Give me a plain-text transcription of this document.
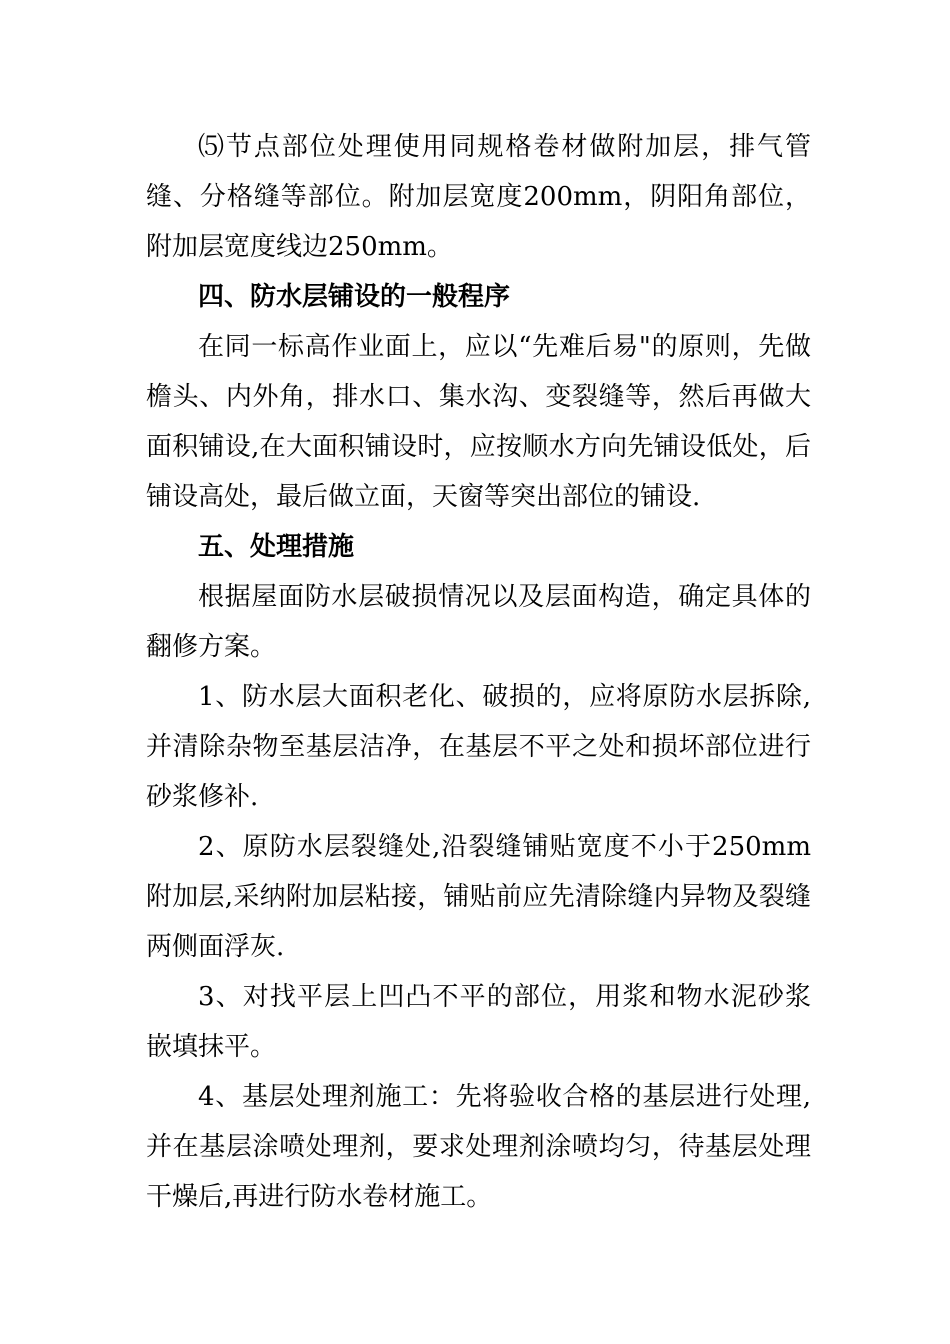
⑸节点部位处理使用同规格卷材做附加层，排气管缝、分格缝等部位。附加层宽度200mm，阴阳角部位，附加层宽度线边250mm。

四、防水层铺设的一般程序

在同一标高作业面上，应以“先难后易"的原则，先做檐头、内外角，排水口、集水沟、变裂缝等，然后再做大面积铺设,在大面积铺设时，应按顺水方向先铺设低处，后铺设高处，最后做立面，天窗等突出部位的铺设.

五、处理措施

根据屋面防水层破损情况以及层面构造，确定具体的翻修方案。

1、防水层大面积老化、破损的，应将原防水层拆除,并清除杂物至基层洁净，在基层不平之处和损坏部位进行砂浆修补.

2、原防水层裂缝处,沿裂缝铺贴宽度不小于250mm附加层,采纳附加层粘接，铺贴前应先清除缝内异物及裂缝两侧面浮灰.

3、对找平层上凹凸不平的部位，用浆和物水泥砂浆嵌填抹平。

4、基层处理剂施工：先将验收合格的基层进行处理,并在基层涂喷处理剂，要求处理剂涂喷均匀，待基层处理干燥后,再进行防水卷材施工。
